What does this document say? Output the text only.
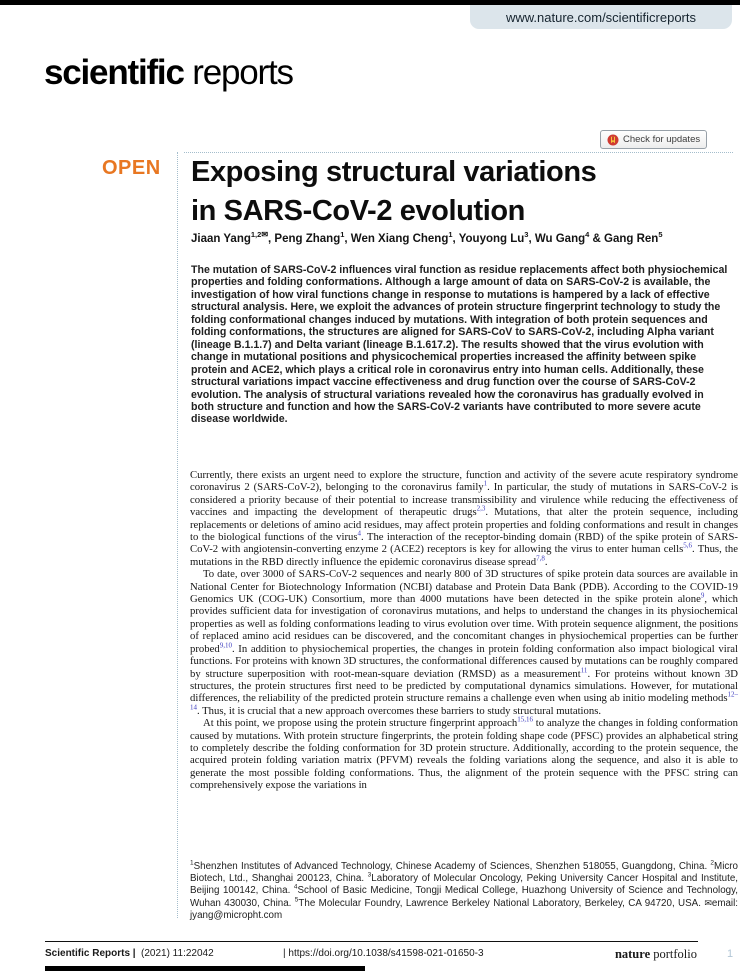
www.nature.com/scientificreports
scientific reports
Check for updates
OPEN Exposing structural variations
in SARS-CoV-2 evolution
Jiaan Yang$^{1,2✉}$, Peng Zhang$^1$, Wen Xiang Cheng$^1$, Youyong Lu$^3$, Wu Gang$^4$ & Gang Ren$^5$
The mutation of SARS-CoV-2 influences viral function as residue replacements affect both physiochemical properties and folding conformations. Although a large amount of data on SARS-CoV-2 is available, the investigation of how viral functions change in response to mutations is hampered by a lack of effective structural analysis. Here, we exploit the advances of protein structure fingerprint technology to study the folding conformational changes induced by mutations. With integration of both protein sequences and folding conformations, the structures are aligned for SARS-CoV to SARS-CoV-2, including Alpha variant (lineage B.1.1.7) and Delta variant (lineage B.1.617.2). The results showed that the virus evolution with change in mutational positions and physicochemical properties increased the affinity between spike protein and ACE2, which plays a critical role in coronavirus entry into human cells. Additionally, these structural variations impact vaccine effectiveness and drug function over the course of SARS-CoV-2 evolution. The analysis of structural variations revealed how the coronavirus has gradually evolved in both structure and function and how the SARS-CoV-2 variants have contributed to more severe acute disease worldwide.

Currently, there exists an urgent need to explore the structure, function and activity of the severe acute respiratory syndrome coronavirus 2 (SARS-CoV-2), belonging to the coronavirus family$^1$. In particular, the study of mutations in SARS-CoV-2 is considered a priority because of their potential to increase transmissibility and virulence while reducing the effectiveness of vaccines and impacting the development of therapeutic drugs$^{2,3}$. Mutations, that alter the protein sequence, including replacements or deletions of amino acid residues, may affect protein properties and folding conformations and result in changes to the biological functions of the virus$^4$. The interaction of the receptor-binding domain (RBD) of the spike protein of SARS-CoV-2 with angiotensin-converting enzyme 2 (ACE2) receptors is key for allowing the virus to enter human cells$^{5,6}$. Thus, the mutations in the RBD directly influence the epidemic coronavirus disease spread$^{7,8}$.

To date, over 3000 of SARS-CoV-2 sequences and nearly 800 of 3D structures of spike protein data sources are available in National Center for Biotechnology Information (NCBI) database and Protein Data Bank (PDB). According to the COVID-19 Genomics UK (COG-UK) Consortium, more than 4000 mutations have been detected in the spike protein alone$^9$, which provides sufficient data for investigation of coronavirus mutations, and helps to understand the changes in its physiochemical properties as well as folding conformations leading to virus evolution over time. With protein sequence alignment, the positions of replaced amino acid residues can be discovered, and the concomitant changes in physiochemical properties can be further probed$^{9,10}$. In addition to physiochemical properties, the changes in protein folding conformation also impact biological viral functions. For proteins with known 3D structures, the conformational differences caused by mutations can be roughly compared by structure superposition with root-mean-square deviation (RMSD) as a measurement$^{11}$. For proteins without known 3D structures, the protein structures first need to be predicted by computational dynamics simulations. However, for mutational differences, the reliability of the predicted protein structure remains a challenge even when using ab initio modeling methods$^{12-14}$. Thus, it is crucial that a new approach overcomes these barriers to study structural mutations.

At this point, we propose using the protein structure fingerprint approach$^{15,16}$ to analyze the changes in folding conformation caused by mutations. With protein structure fingerprints, the protein folding shape code (PFSC) provides an alphabetical string to completely describe the folding conformation for 3D protein structure. Additionally, according to the protein sequence, the acquired protein folding variation matrix (PFVM) reveals the folding variations along the sequence, and also it is able to generate the most possible folding conformations. Thus, the alignment of the protein sequence with the PFSC string can comprehensively expose the variations in

$^1$Shenzhen Institutes of Advanced Technology, Chinese Academy of Sciences, Shenzhen 518055, Guangdong, China. $^2$Micro Biotech, Ltd., Shanghai 200123, China. $^3$Laboratory of Molecular Oncology, Peking University Cancer Hospital and Institute, Beijing 100142, China. $^4$School of Basic Medicine, Tongji Medical College, Huazhong University of Science and Technology, Wuhan 430030, China. $^5$The Molecular Foundry, Lawrence Berkeley National Laboratory, Berkeley, CA 94720, USA. ✉email: jyang@micropht.com
Scientific Reports | (2021) 11:22042	| https://doi.org/10.1038/s41598-021-01650-3	nature portfolio	1
